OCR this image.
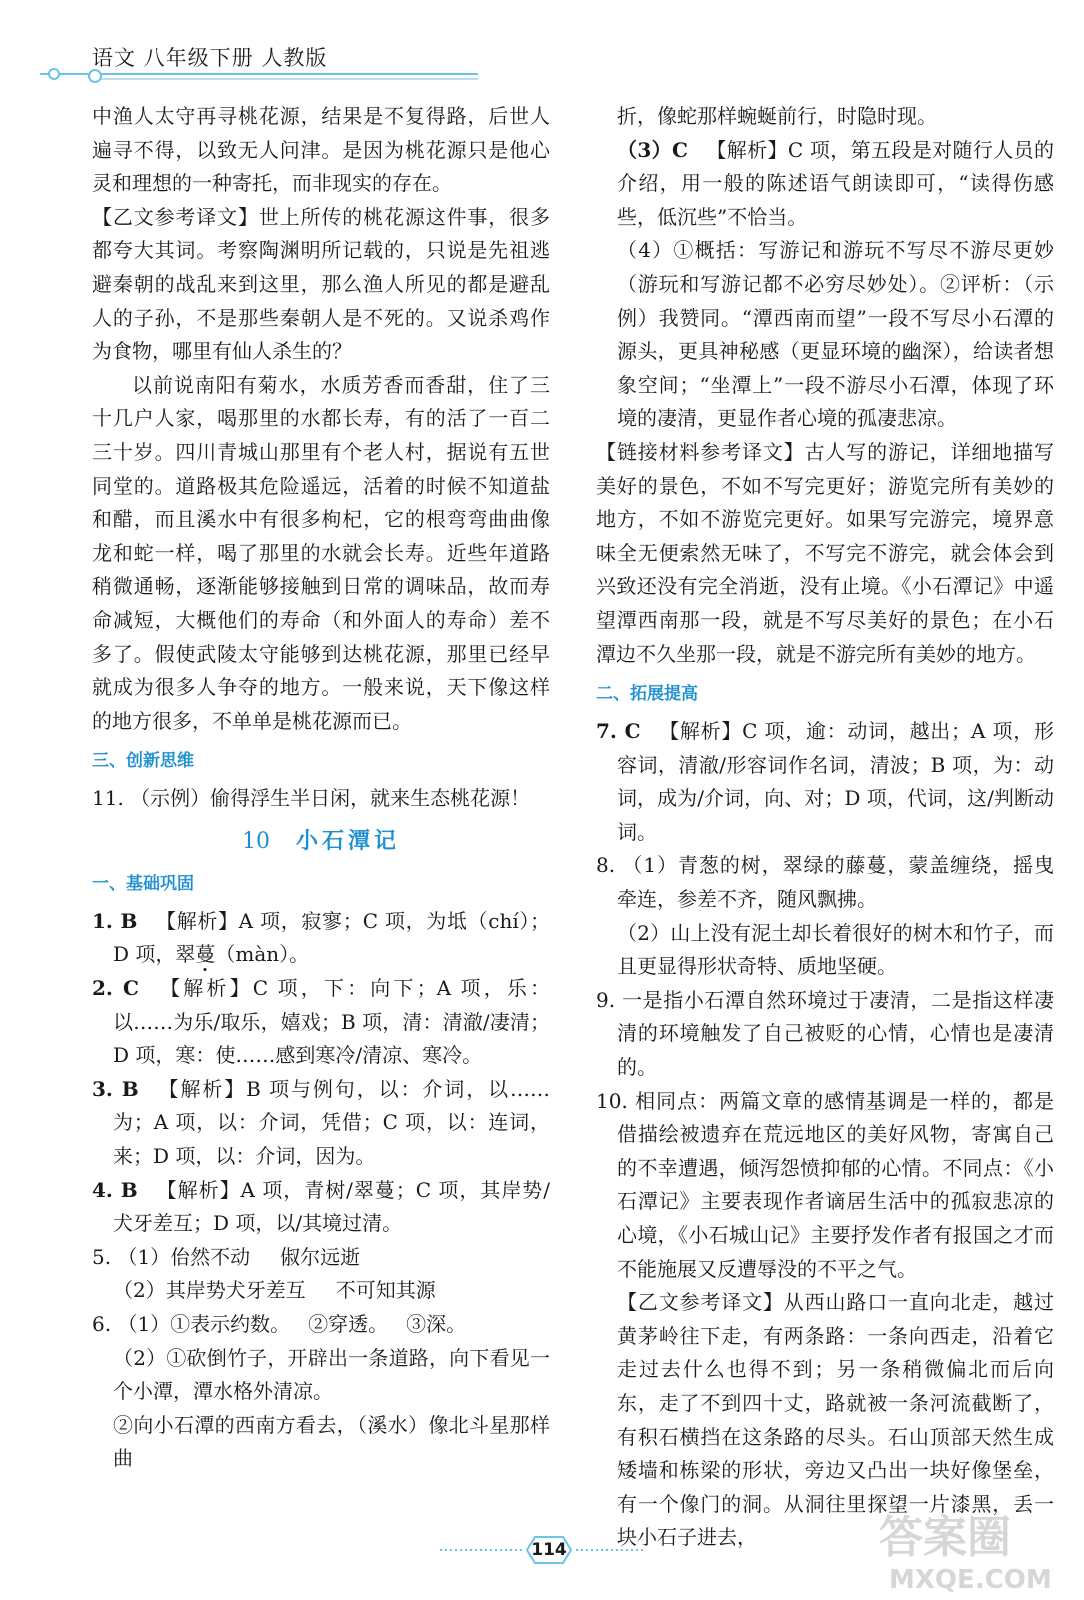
语文 八年级下册 人教版

中渔人太守再寻桃花源，结果是不复得路，后世人遍寻不得，以致无人问津。是因为桃花源只是他心灵和理想的一种寄托，而非现实的存在。

【乙文参考译文】世上所传的桃花源这件事，很多都夸大其词。考察陶渊明所记载的，只说是先祖逃避秦朝的战乱来到这里，那么渔人所见的都是避乱人的子孙，不是那些秦朝人是不死的。又说杀鸡作为食物，哪里有仙人杀生的？

以前说南阳有菊水，水质芳香而香甜，住了三十几户人家，喝那里的水都长寿，有的活了一百二三十岁。四川青城山那里有个老人村，据说有五世同堂的。道路极其危险遥远，活着的时候不知道盐和醋，而且溪水中有很多枸杞，它的根弯弯曲曲像龙和蛇一样，喝了那里的水就会长寿。近些年道路稍微通畅，逐渐能够接触到日常的调味品，故而寿命减短，大概他们的寿命（和外面人的寿命）差不多了。假使武陵太守能够到达桃花源，那里已经早就成为很多人争夺的地方。一般来说，天下像这样的地方很多，不单单是桃花源而已。

三、创新思维

11. （示例）偷得浮生半日闲，就来生态桃花源！

10 小石潭记
一、基础巩固

1. B 【解析】A 项，寂寥；C 项，为坻（chí）；D 项，翠蔓（màn）。

2. C 【解析】C 项，下：向下；A 项，乐：以……为乐/取乐，嬉戏；B 项，清：清澈/凄清；D 项，寒：使……感到寒冷/清凉、寒冷。

3. B 【解析】B 项与例句，以：介词，以……为；A 项，以：介词，凭借；C 项，以：连词，来；D 项，以：介词，因为。

4. B 【解析】A 项，青树/翠蔓；C 项，其岸势/犬牙差互；D 项，以/其境过清。

5. （1）佁然不动 俶尔远逝

（2）其岸势犬牙差互 不可知其源

6. （1）①表示约数。 ②穿透。 ③深。

（2）①砍倒竹子，开辟出一条道路，向下看见一个小潭，潭水格外清凉。

②向小石潭的西南方看去，（溪水）像北斗星那样曲

折，像蛇那样蜿蜒前行，时隐时现。

（3）C 【解析】C 项，第五段是对随行人员的介绍，用一般的陈述语气朗读即可，“读得伤感些，低沉些”不恰当。

（4）①概括：写游记和游玩不写尽不游尽更妙（游玩和写游记都不必穷尽妙处）。②评析：（示例）我赞同。“潭西南而望”一段不写尽小石潭的源头，更具神秘感（更显环境的幽深），给读者想象空间；“坐潭上”一段不游尽小石潭，体现了环境的凄清，更显作者心境的孤凄悲凉。

【链接材料参考译文】古人写的游记，详细地描写美好的景色，不如不写完更好；游览完所有美妙的地方，不如不游览完更好。如果写完游完，境界意味全无便索然无味了，不写完不游完，就会体会到兴致还没有完全消逝，没有止境。《小石潭记》中遥望潭西南那一段，就是不写尽美好的景色；在小石潭边不久坐那一段，就是不游完所有美妙的地方。

二、拓展提高

7. C 【解析】C 项，逾：动词，越出；A 项，形容词，清澈/形容词作名词，清波；B 项，为：动词，成为/介词，向、对；D 项，代词，这/判断动词。

8. （1）青葱的树，翠绿的藤蔓，蒙盖缠绕，摇曳牵连，参差不齐，随风飘拂。

（2）山上没有泥土却长着很好的树木和竹子，而且更显得形状奇特、质地坚硬。

9. 一是指小石潭自然环境过于凄清，二是指这样凄清的环境触发了自己被贬的心情，心情也是凄清的。

10. 相同点：两篇文章的感情基调是一样的，都是借描绘被遗弃在荒远地区的美好风物，寄寓自己的不幸遭遇，倾泻怨愤抑郁的心情。不同点：《小石潭记》主要表现作者谪居生活中的孤寂悲凉的心境，《小石城山记》主要抒发作者有报国之才而不能施展又反遭辱没的不平之气。

【乙文参考译文】从西山路口一直向北走，越过黄茅岭往下走，有两条路：一条向西走，沿着它走过去什么也得不到；另一条稍微偏北而后向东，走了不到四十丈，路就被一条河流截断了，有积石横挡在这条路的尽头。石山顶部天然生成矮墙和栋梁的形状，旁边又凸出一块好像堡垒，有一个像门的洞。从洞往里探望一片漆黑，丢一块小石子进去，

114	答案圈
MXQE.COM
